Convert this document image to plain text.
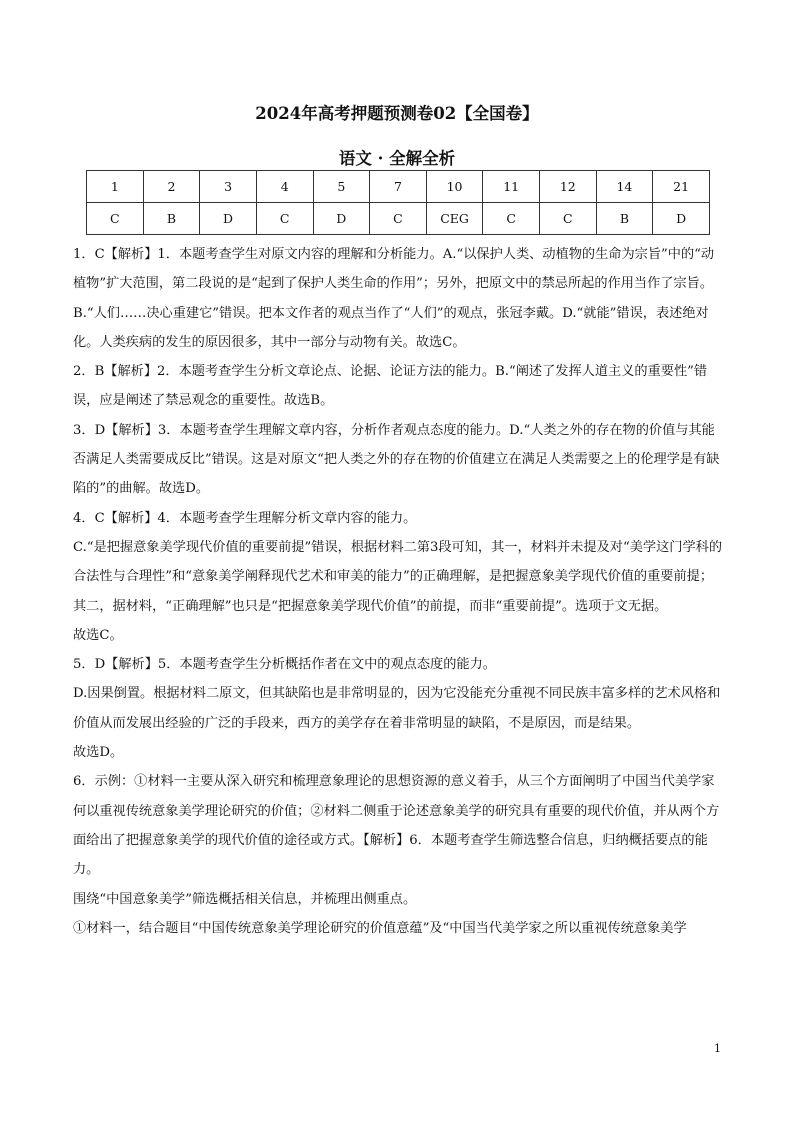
2024年高考押题预测卷02【全国卷】
语文 · 全解全析
1	2	3	4	5	7	10	11	12	14	21
C	B	D	C	D	C	CEG	C	C	B	D

1．C【解析】1．本题考查学生对原文内容的理解和分析能力。A.“以保护人类、动植物的生命为宗旨”中的“动植物”扩大范围，第二段说的是“起到了保护人类生命的作用”；另外，把原文中的禁忌所起的作用当作了宗旨。B.“人们……决心重建它”错误。把本文作者的观点当作了“人们”的观点，张冠李戴。D.“就能”错误，表述绝对化。人类疾病的发生的原因很多，其中一部分与动物有关。故选C。

2．B【解析】2．本题考查学生分析文章论点、论据、论证方法的能力。B.“阐述了发挥人道主义的重要性”错误，应是阐述了禁忌观念的重要性。故选B。

3．D【解析】3．本题考查学生理解文章内容，分析作者观点态度的能力。D.“人类之外的存在物的价值与其能否满足人类需要成反比”错误。这是对原文“把人类之外的存在物的价值建立在满足人类需要之上的伦理学是有缺陷的”的曲解。故选D。

4．C【解析】4．本题考查学生理解分析文章内容的能力。

C.“是把握意象美学现代价值的重要前提”错误，根据材料二第3段可知，其一，材料并未提及对“美学这门学科的合法性与合理性”和“意象美学阐释现代艺术和审美的能力”的正确理解，是把握意象美学现代价值的重要前提；其二，据材料，“正确理解”也只是“把握意象美学现代价值”的前提，而非“重要前提”。选项于文无据。

故选C。

5．D【解析】5．本题考查学生分析概括作者在文中的观点态度的能力。

D.因果倒置。根据材料二原文，但其缺陷也是非常明显的，因为它没能充分重视不同民族丰富多样的艺术风格和价值从而发展出经验的广泛的手段来，西方的美学存在着非常明显的缺陷，不是原因，而是结果。

故选D。

6．示例：①材料一主要从深入研究和梳理意象理论的思想资源的意义着手，从三个方面阐明了中国当代美学家何以重视传统意象美学理论研究的价值；②材料二侧重于论述意象美学的研究具有重要的现代价值，并从两个方面给出了把握意象美学的现代价值的途径或方式。【解析】6．本题考查学生筛选整合信息，归纳概括要点的能力。

围绕“中国意象美学”筛选概括相关信息，并梳理出侧重点。

①材料一，结合题目“中国传统意象美学理论研究的价值意蕴”及“中国当代美学家之所以重视传统意象美学

1
